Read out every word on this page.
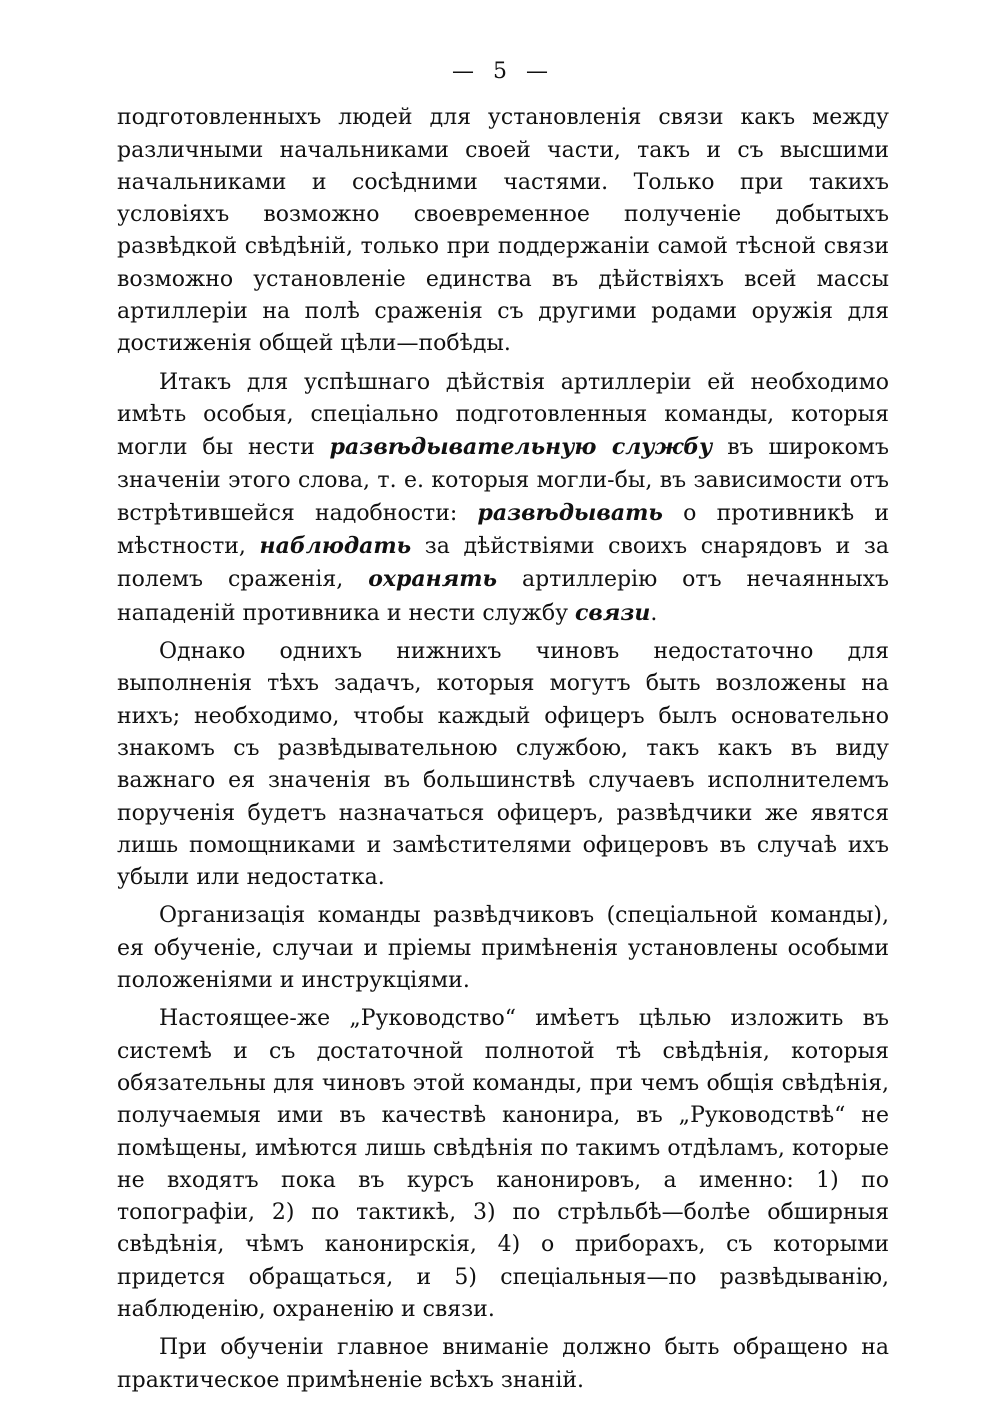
— 5 —

подготовленныхъ людей для установленія связи какъ между различными начальниками своей части, такъ и съ высшими начальниками и сосѣдними частями. Только при такихъ условіяхъ возможно своевременное полученіе добытыхъ развѣдкой свѣдѣній, только при поддержаніи самой тѣсной связи возможно установленіе единства въ дѣйствіяхъ всей массы артиллеріи на полѣ сраженія съ другими родами оружія для достиженія общей цѣли—побѣды.

Итакъ для успѣшнаго дѣйствія артиллеріи ей необходимо имѣть особыя, спеціально подготовленныя команды, которыя могли бы нести развѣдывательную службу въ широкомъ значеніи этого слова, т. е. которыя могли-бы, въ зависимости отъ встрѣтившейся надобности: развѣдывать о противникѣ и мѣстности, наблюдать за дѣйствіями своихъ снарядовъ и за полемъ сраженія, охранять артиллерію отъ нечаянныхъ нападеній противника и нести службу связи.

Однако однихъ нижнихъ чиновъ недостаточно для выполненія тѣхъ задачъ, которыя могутъ быть возложены на нихъ; необходимо, чтобы каждый офицеръ былъ основательно знакомъ съ развѣдывательною службою, такъ какъ въ виду важнаго ея значенія въ большинствѣ случаевъ исполнителемъ порученія будетъ назначаться офицеръ, развѣдчики же явятся лишь помощниками и замѣстителями офицеровъ въ случаѣ ихъ убыли или недостатка.

Организація команды развѣдчиковъ (спеціальной команды), ея обученіе, случаи и пріемы примѣненія установлены особыми положеніями и инструкціями.

Настоящее-же „Руководство“ имѣетъ цѣлью изложить въ системѣ и съ достаточной полнотой тѣ свѣдѣнія, которыя обязательны для чиновъ этой команды, при чемъ общія свѣдѣнія, получаемыя ими въ качествѣ канонира, въ „Руководствѣ“ не помѣщены, имѣются лишь свѣдѣнія по такимъ отдѣламъ, которые не входятъ пока въ курсъ канонировъ, а именно: 1) по топографіи, 2) по тактикѣ, 3) по стрѣльбѣ—болѣе обширныя свѣдѣнія, чѣмъ канонирскія, 4) о приборахъ, съ которыми придется обращаться, и 5) спеціальныя—по развѣдыванію, наблюденію, охраненію и связи.

При обученіи главное вниманіе должно быть обращено на практическое примѣненіе всѣхъ знаній.
